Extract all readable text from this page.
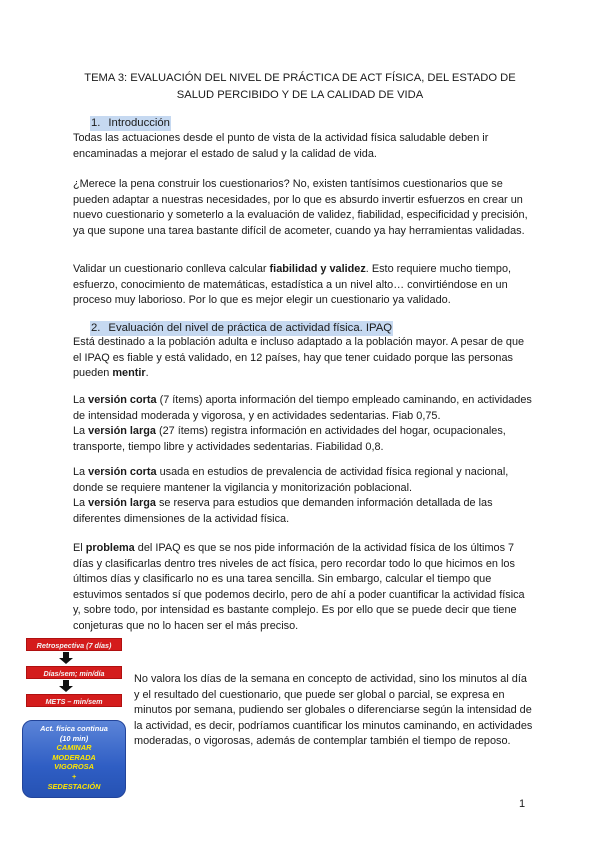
TEMA 3: EVALUACIÓN DEL NIVEL DE PRÁCTICA DE ACT FÍSICA, DEL ESTADO DE SALUD PERCIBIDO Y DE LA CALIDAD DE VIDA
1. Introducción

Todas las actuaciones desde el punto de vista de la actividad física saludable deben ir encaminadas a mejorar el estado de salud y la calidad de vida.

¿Merece la pena construir los cuestionarios? No, existen tantísimos cuestionarios que se pueden adaptar a nuestras necesidades, por lo que es absurdo invertir esfuerzos en crear un nuevo cuestionario y someterlo a la evaluación de validez, fiabilidad, especificidad y precisión, ya que supone una tarea bastante difícil de acometer, cuando ya hay herramientas validadas.

Validar un cuestionario conlleva calcular fiabilidad y validez. Esto requiere mucho tiempo, esfuerzo, conocimiento de matemáticas, estadística a un nivel alto… convirtiéndose en un proceso muy laborioso. Por lo que es mejor elegir un cuestionario ya validado.

2. Evaluación del nivel de práctica de actividad física. IPAQ

Está destinado a la población adulta e incluso adaptado a la población mayor. A pesar de que el IPAQ es fiable y está validado, en 12 países, hay que tener cuidado porque las personas pueden mentir.

La versión corta (7 ítems) aporta información del tiempo empleado caminando, en actividades de intensidad moderada y vigorosa, y en actividades sedentarias. Fiab 0,75.
La versión larga (27 ítems) registra información en actividades del hogar, ocupacionales, transporte, tiempo libre y actividades sedentarias. Fiabilidad 0,8.

La versión corta usada en estudios de prevalencia de actividad física regional y nacional, donde se requiere mantener la vigilancia y monitorización poblacional.
La versión larga se reserva para estudios que demanden información detallada de las diferentes dimensiones de la actividad física.

El problema del IPAQ es que se nos pide información de la actividad física de los últimos 7 días y clasificarlas dentro tres niveles de act física, pero recordar todo lo que hicimos en los últimos días y clasificarlo no es una tarea sencilla. Sin embargo, calcular el tiempo que estuvimos sentados sí que podemos decirlo, pero de ahí a poder cuantificar la actividad física y, sobre todo, por intensidad es bastante complejo. Es por ello que se puede decir que tiene conjeturas que no lo hacen ser el más preciso.

Retrospectiva (7 días)
Días/sem; min/día
METS – min/sem
Act. física continua
(10 min)
CAMINAR
MODERADA
VIGOROSA
+
SEDESTACIÓN

No valora los días de la semana en concepto de actividad, sino los minutos al día y el resultado del cuestionario, que puede ser global o parcial, se expresa en minutos por semana, pudiendo ser globales o diferenciarse según la intensidad de la actividad, es decir, podríamos cuantificar los minutos caminando, en actividades moderadas, o vigorosas, además de contemplar también el tiempo de reposo.

1
